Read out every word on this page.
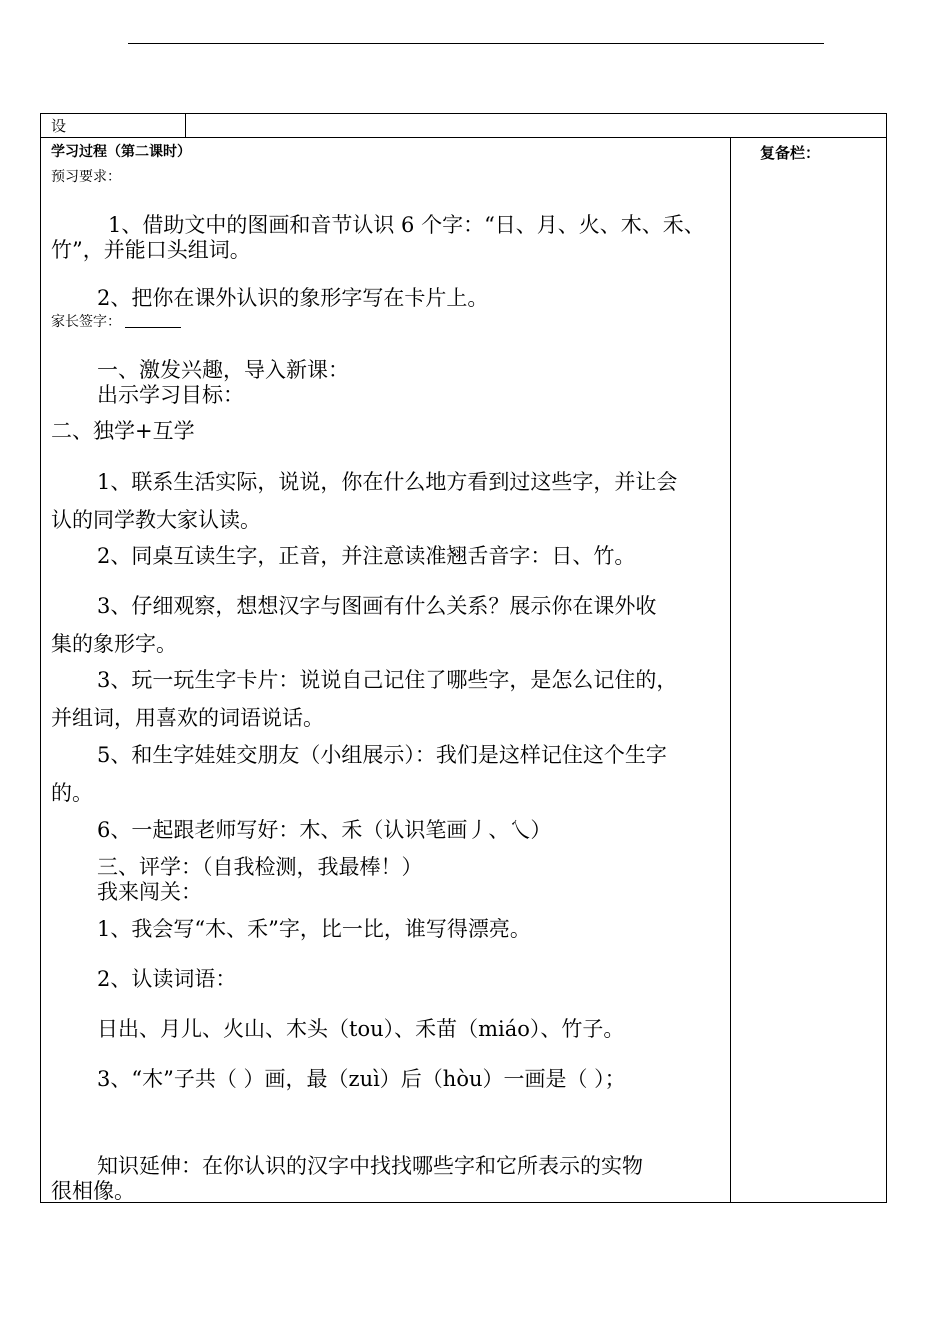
设
复备栏：
学习过程（第二课时）
预习要求：
1、借助文中的图画和音节认识 6 个字：“日、月、火、木、禾、
竹”，并能口头组词。
2、把你在课外认识的象形字写在卡片上。
家长签字：
一、激发兴趣，导入新课：
出示学习目标：
二、独学+互学
1、联系生活实际，说说，你在什么地方看到过这些字，并让会
认的同学教大家认读。
2、同桌互读生字，正音，并注意读准翘舌音字：日、竹。
3、仔细观察，想想汉字与图画有什么关系？展示你在课外收
集的象形字。
3、玩一玩生字卡片：说说自己记住了哪些字，是怎么记住的，
并组词，用喜欢的词语说话。
5、和生字娃娃交朋友（小组展示）：我们是这样记住这个生字
的。
6、一起跟老师写好：木、禾（认识笔画丿、乀）
三、评学：（自我检测，我最棒！）
我来闯关：
1、我会写“木、禾”字，比一比，谁写得漂亮。
2、认读词语：
日出、月儿、火山、木头（tou）、禾苗（miáo）、竹子。
3、“木”子共（ ）画，最（zuì）后（hòu）一画是（ ）；
知识延伸：在你认识的汉字中找找哪些字和它所表示的实物
很相像。
